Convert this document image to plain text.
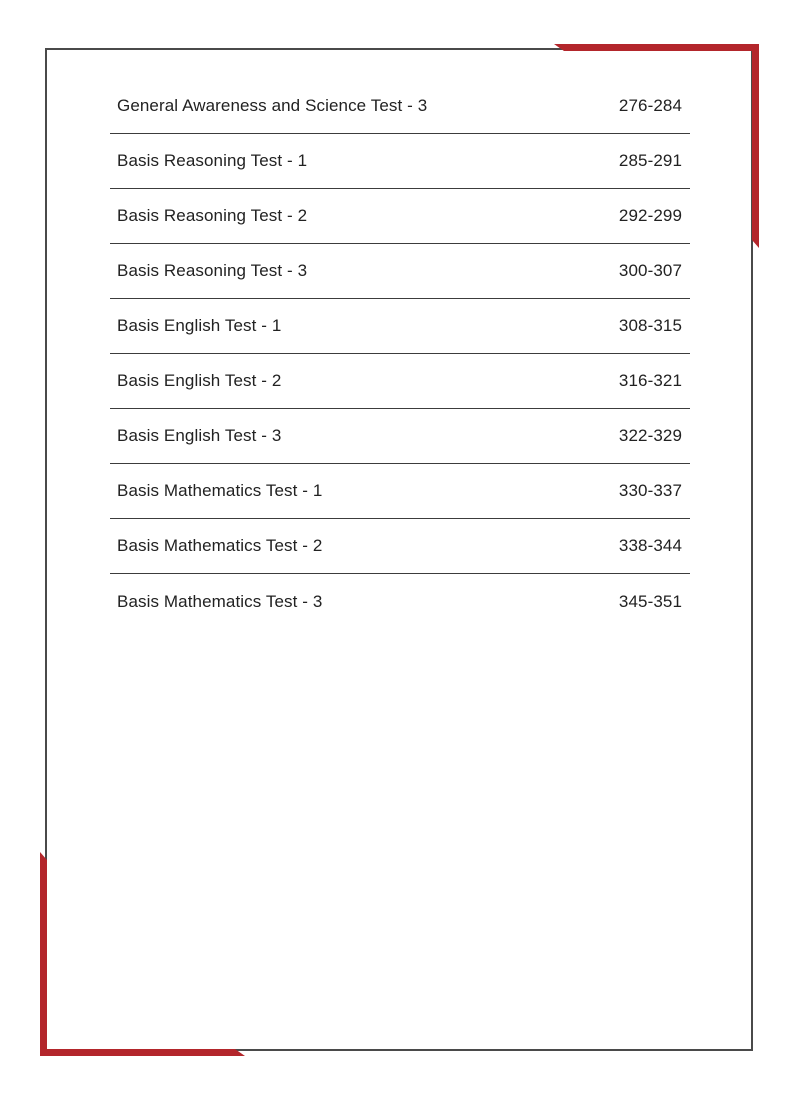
General Awareness and Science Test - 3	276-284
Basis Reasoning Test - 1	285-291
Basis Reasoning Test - 2	292-299
Basis Reasoning Test - 3	300-307
Basis English Test - 1	308-315
Basis English Test - 2	316-321
Basis English Test - 3	322-329
Basis Mathematics Test - 1	330-337
Basis Mathematics Test - 2	338-344
Basis Mathematics Test - 3	345-351
